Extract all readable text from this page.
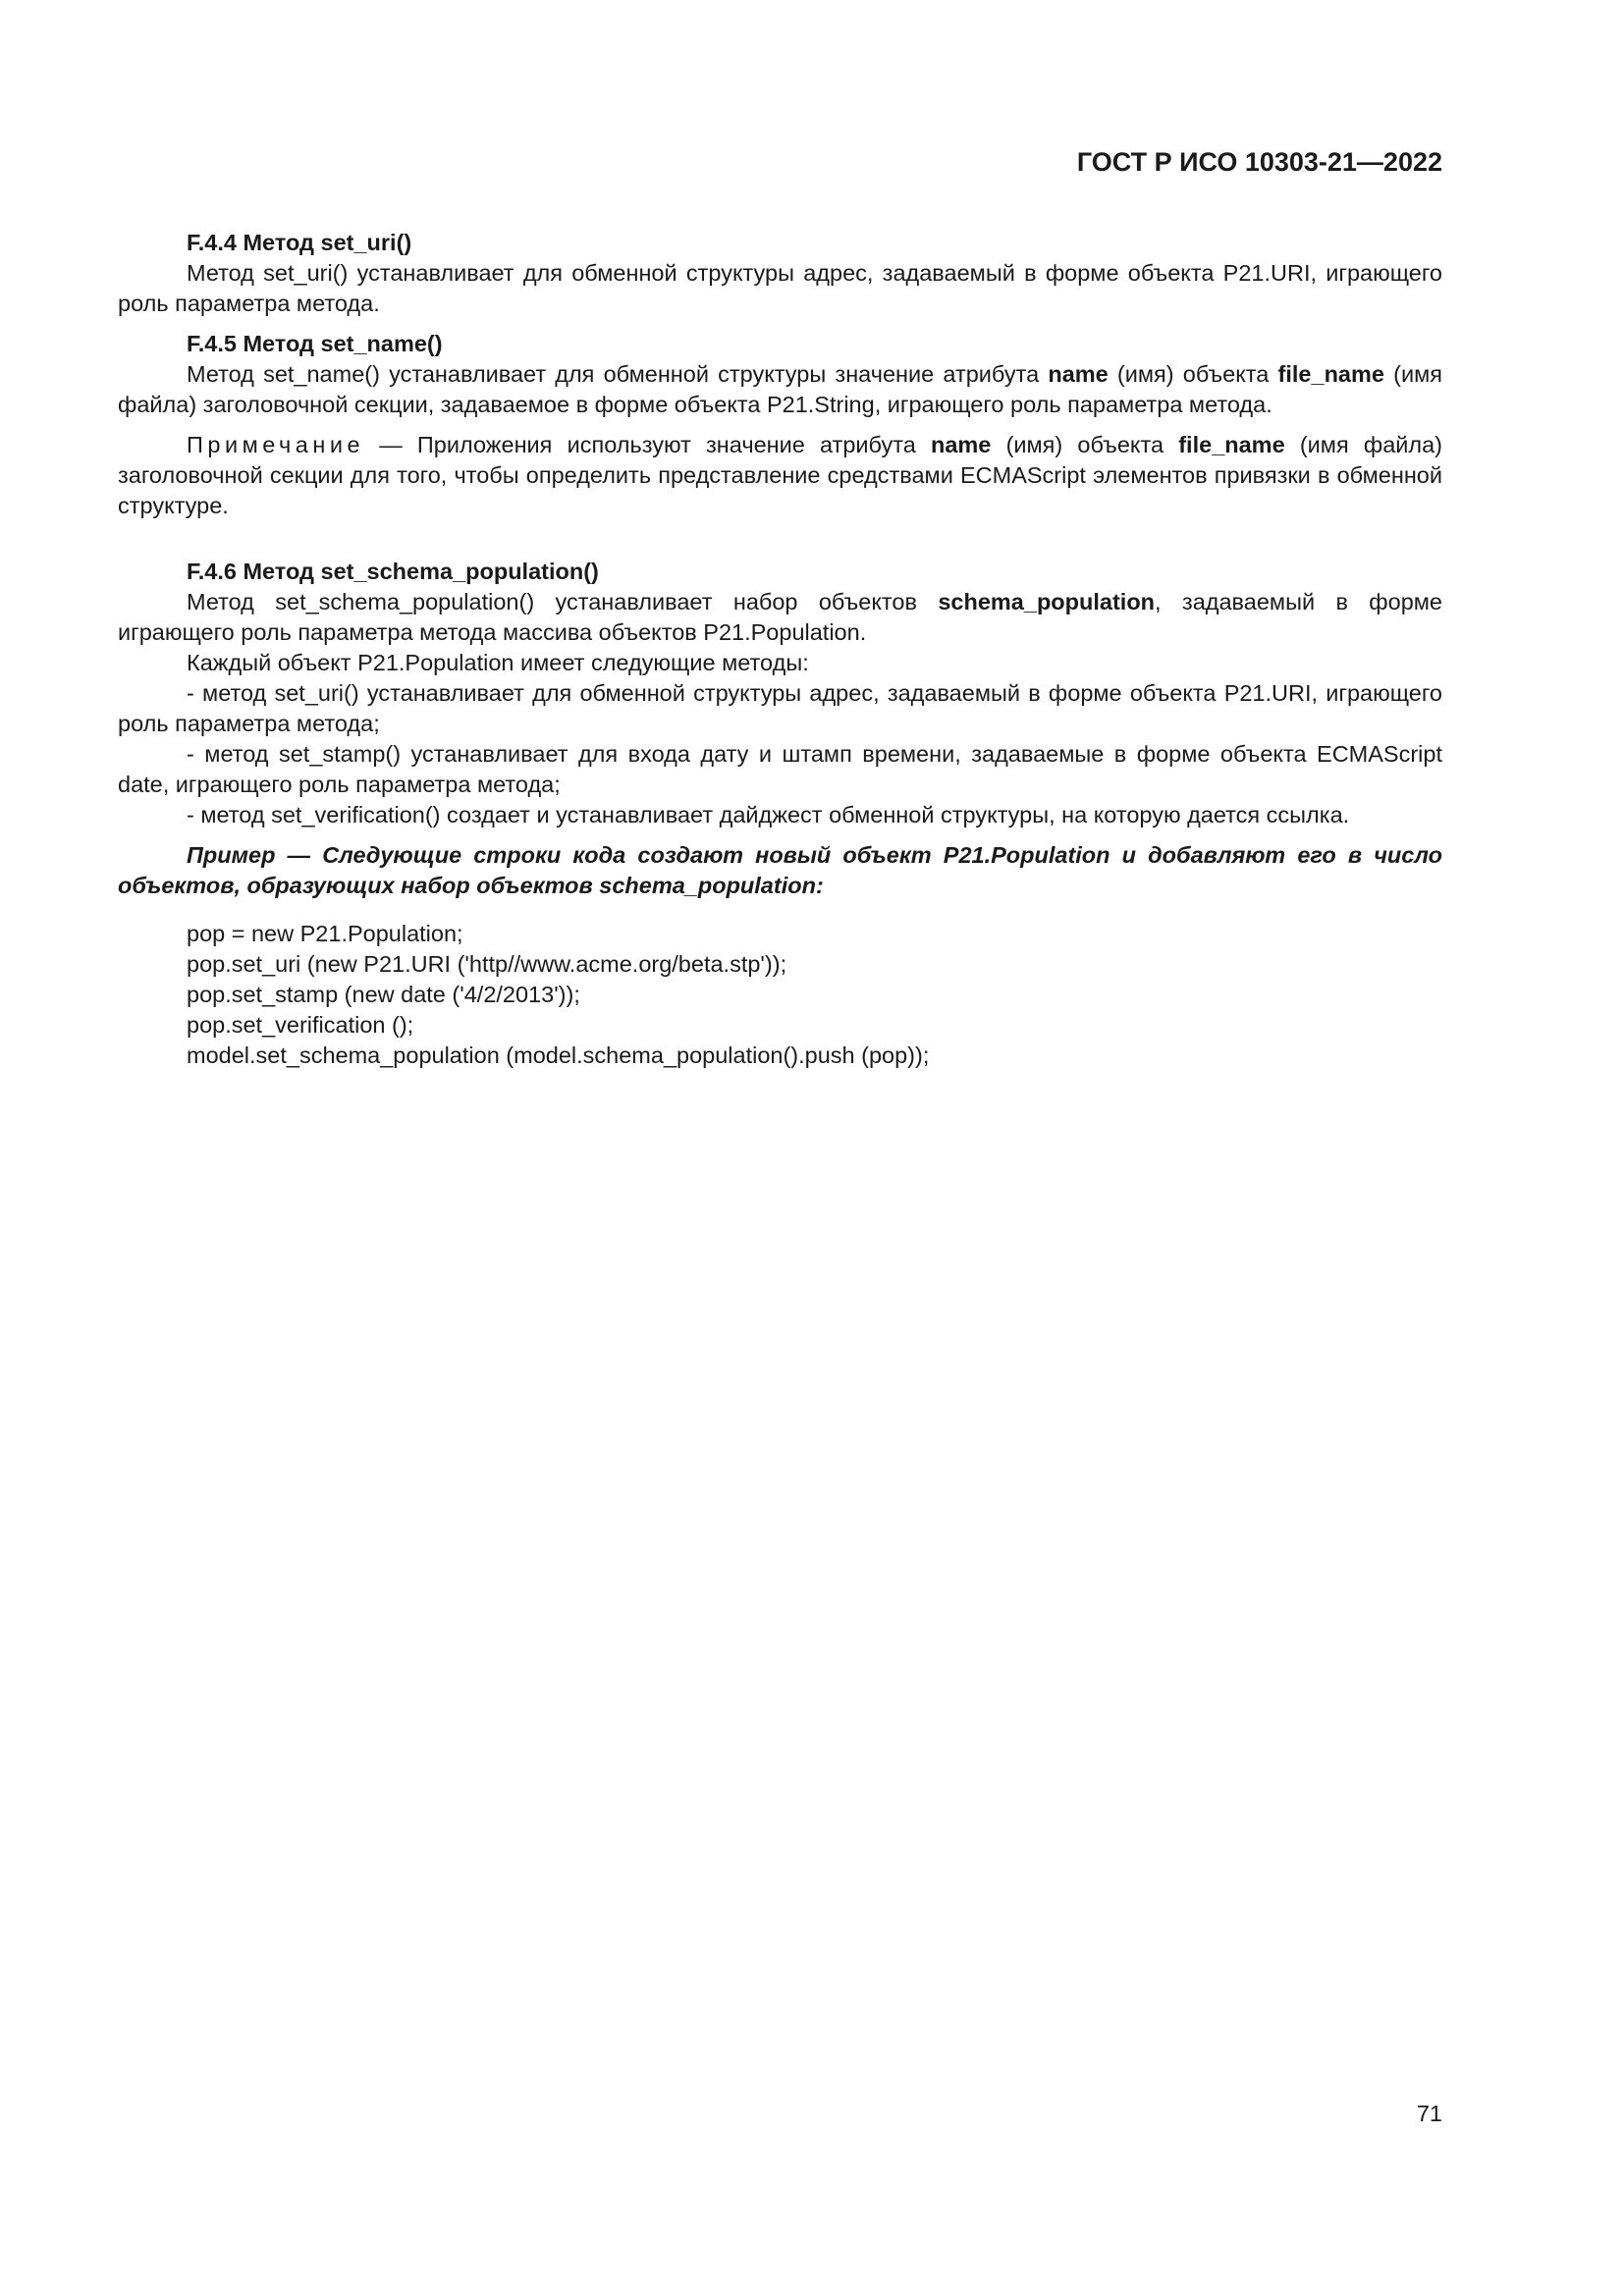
ГОСТ Р ИСО 10303-21—2022

F.4.4 Метод set_uri()

Метод set_uri() устанавливает для обменной структуры адрес, задаваемый в форме объекта P21.URI, играющего роль параметра метода.

F.4.5 Метод set_name()

Метод set_name() устанавливает для обменной структуры значение атрибута name (имя) объекта file_name (имя файла) заголовочной секции, задаваемое в форме объекта P21.String, играющего роль параметра метода.

Примечание — Приложения используют значение атрибута name (имя) объекта file_name (имя файла) заголовочной секции для того, чтобы определить представление средствами ECMAScript элементов привязки в обменной структуре.

F.4.6 Метод set_schema_population()

Метод set_schema_population() устанавливает набор объектов schema_population, задаваемый в форме играющего роль параметра метода массива объектов P21.Population.

Каждый объект P21.Population имеет следующие методы:

- метод set_uri() устанавливает для обменной структуры адрес, задаваемый в форме объекта P21.URI, играющего роль параметра метода;

- метод set_stamp() устанавливает для входа дату и штамп времени, задаваемые в форме объекта ECMAScript date, играющего роль параметра метода;

- метод set_verification() создает и устанавливает дайджест обменной структуры, на которую дается ссылка.

Пример — Следующие строки кода создают новый объект P21.Population и добавляют его в число объектов, образующих набор объектов schema_population:

pop = new P21.Population;
pop.set_uri (new P21.URI ('http//www.acme.org/beta.stp'));
pop.set_stamp (new date ('4/2/2013'));
pop.set_verification ();
model.set_schema_population (model.schema_population().push (pop));
71
